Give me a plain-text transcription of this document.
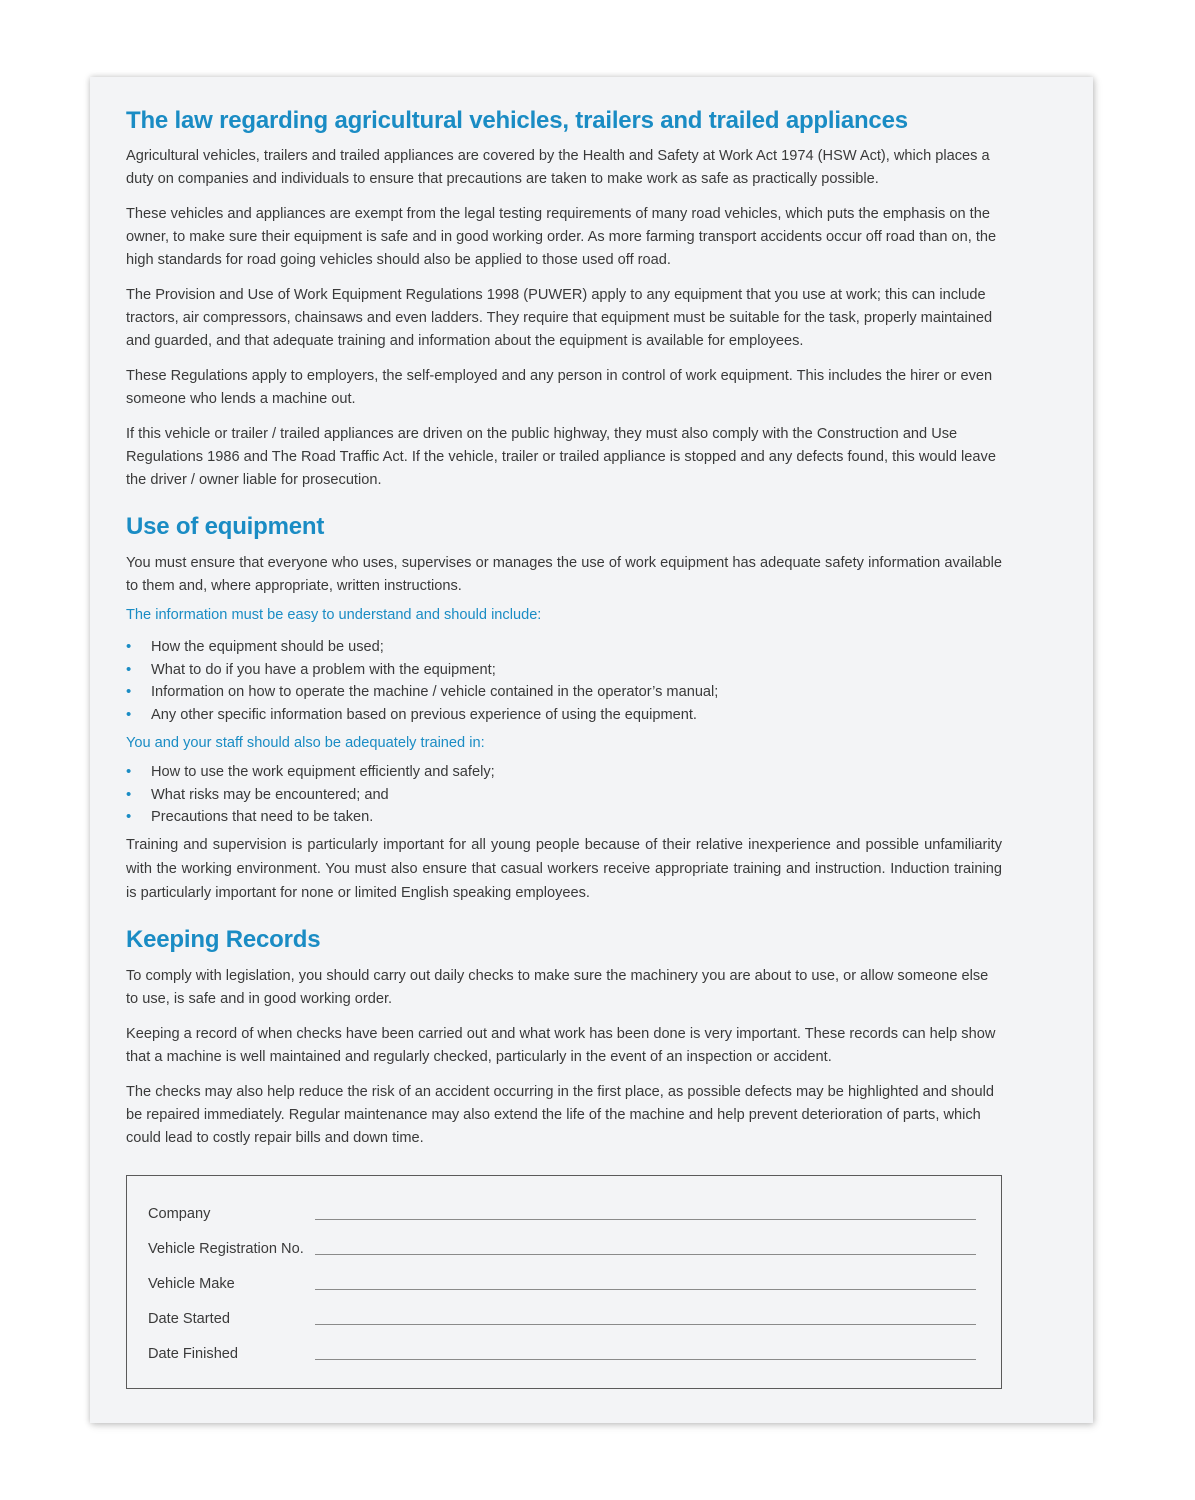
The law regarding agricultural vehicles, trailers and trailed appliances

Agricultural vehicles, trailers and trailed appliances are covered by the Health and Safety at Work Act 1974 (HSW Act), which places a duty on companies and individuals to ensure that precautions are taken to make work as safe as practically possible.

These vehicles and appliances are exempt from the legal testing requirements of many road vehicles, which puts the emphasis on the owner, to make sure their equipment is safe and in good working order. As more farming transport accidents occur off road than on, the high standards for road going vehicles should also be applied to those used off road.

The Provision and Use of Work Equipment Regulations 1998 (PUWER) apply to any equipment that you use at work; this can include tractors, air compressors, chainsaws and even ladders. They require that equipment must be suitable for the task, properly maintained and guarded, and that adequate training and information about the equipment is available for employees.

These Regulations apply to employers, the self-employed and any person in control of work equipment. This includes the hirer or even someone who lends a machine out.

If this vehicle or trailer / trailed appliances are driven on the public highway, they must also comply with the Construction and Use Regulations 1986 and The Road Traffic Act. If the vehicle, trailer or trailed appliance is stopped and any defects found, this would leave the driver / owner liable for prosecution.

Use of equipment

You must ensure that everyone who uses, supervises or manages the use of work equipment has adequate safety information available to them and, where appropriate, written instructions.

The information must be easy to understand and should include:

• How the equipment should be used;
• What to do if you have a problem with the equipment;
• Information on how to operate the machine / vehicle contained in the operator’s manual;
• Any other specific information based on previous experience of using the equipment.

You and your staff should also be adequately trained in:

• How to use the work equipment efficiently and safely;
• What risks may be encountered; and
• Precautions that need to be taken.

Training and supervision is particularly important for all young people because of their relative inexperience and possible unfamiliarity with the working environment. You must also ensure that casual workers receive appropriate training and instruction. Induction training is particularly important for none or limited English speaking employees.

Keeping Records

To comply with legislation, you should carry out daily checks to make sure the machinery you are about to use, or allow someone else to use, is safe and in good working order.

Keeping a record of when checks have been carried out and what work has been done is very important. These records can help show that a machine is well maintained and regularly checked, particularly in the event of an inspection or accident.

The checks may also help reduce the risk of an accident occurring in the first place, as possible defects may be highlighted and should be repaired immediately. Regular maintenance may also extend the life of the machine and help prevent deterioration of parts, which could lead to costly repair bills and down time.

Company
Vehicle Registration No.
Vehicle Make
Date Started
Date Finished
